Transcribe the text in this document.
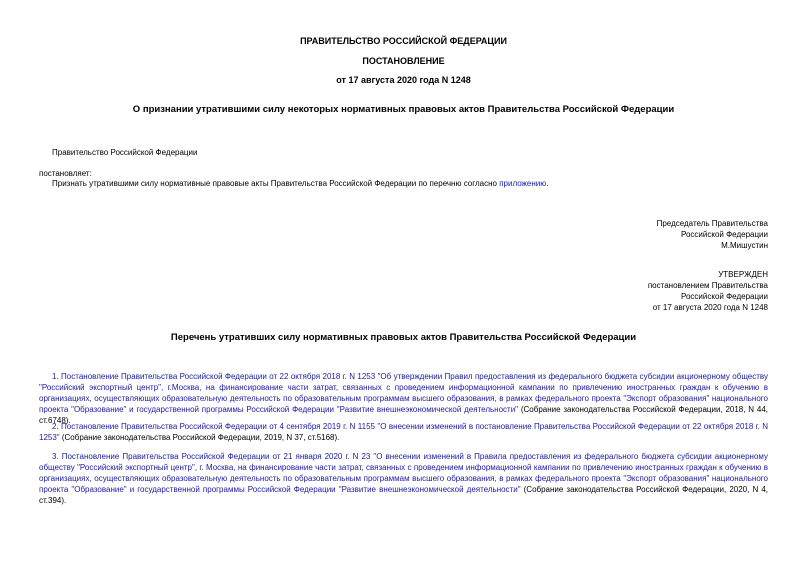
ПРАВИТЕЛЬСТВО РОССИЙСКОЙ ФЕДЕРАЦИИ
ПОСТАНОВЛЕНИЕ
от 17 августа 2020 года N 1248
О признании утратившими силу некоторых нормативных правовых актов Правительства Российской Федерации
Правительство Российской Федерации
постановляет:
Признать утратившими силу нормативные правовые акты Правительства Российской Федерации по перечню согласно приложению.
Председатель Правительства
Российской Федерации
М.Мишустин
УТВЕРЖДЕН
постановлением Правительства
Российской Федерации
от 17 августа 2020 года N 1248
Перечень утративших силу нормативных правовых актов Правительства Российской Федерации
1. Постановление Правительства Российской Федерации от 22 октября 2018 г. N 1253 "Об утверждении Правил предоставления из федерального бюджета субсидии акционерному обществу "Российский экспортный центр", г.Москва, на финансирование части затрат, связанных с проведением информационной кампании по привлечению иностранных граждан к обучению в организациях, осуществляющих образовательную деятельность по образовательным программам высшего образования, в рамках федерального проекта "Экспорт образования" национального проекта "Образование" и государственной программы Российской Федерации "Развитие внешнеэкономической деятельности" (Собрание законодательства Российской Федерации, 2018, N 44, ст.6748).
2. Постановление Правительства Российской Федерации от 4 сентября 2019 г. N 1155 "О внесении изменений в постановление Правительства Российской Федерации от 22 октября 2018 г. N 1253" (Собрание законодательства Российской Федерации, 2019, N 37, ст.5168).
3. Постановление Правительства Российской Федерации от 21 января 2020 г. N 23 "О внесении изменений в Правила предоставления из федерального бюджета субсидии акционерному обществу "Российский экспортный центр", г. Москва, на финансирование части затрат, связанных с проведением информационной кампании по привлечению иностранных граждан к обучению в организациях, осуществляющих образовательную деятельность по образовательным программам высшего образования, в рамках федерального проекта "Экспорт образования" национального проекта "Образование" и государственной программы Российской Федерации "Развитие внешнеэкономической деятельности" (Собрание законодательства Российской Федерации, 2020, N 4, ст.394).
